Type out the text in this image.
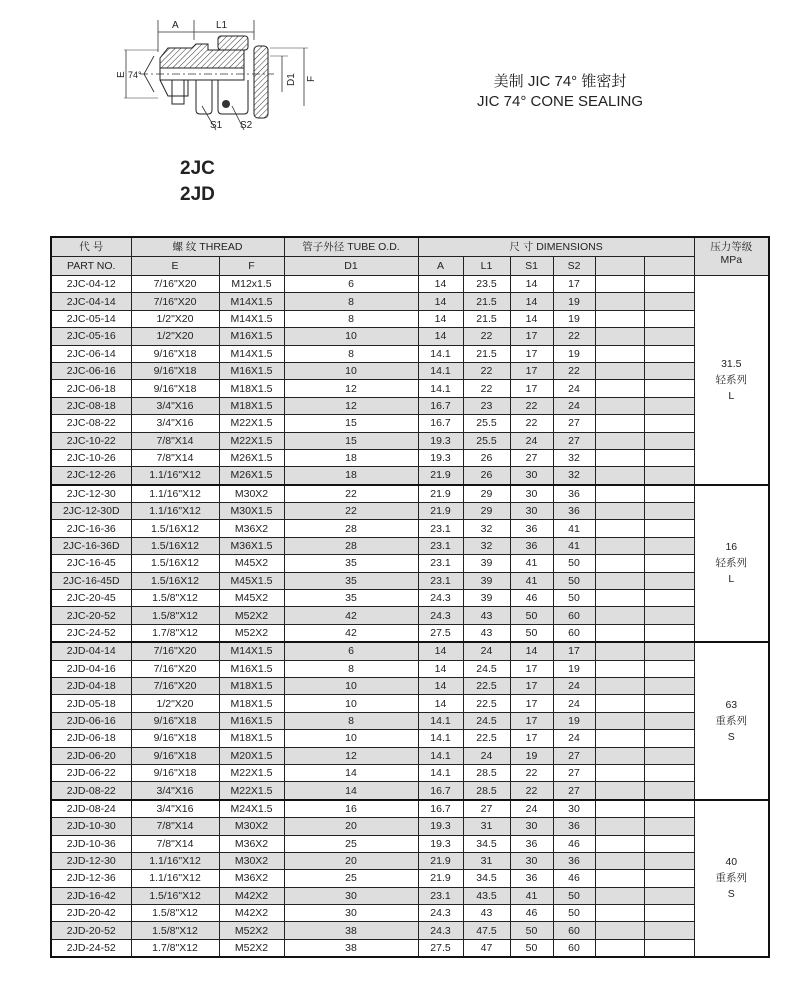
A	L1
E 74°	D1 F
S1 S2
美制 JIC 74° 锥密封
JIC 74° CONE SEALING
2JC
2JD
代 号	螺 纹 THREAD		管子外径 TUBE O.D.	尺 寸 DIMENSIONS						压力等级
MPa

PART NO.	E	F	D1	A	L1	S1	S2			
2JC-04-12	7/16"X20	M12x1.5	6	14	23.5	14	17			31.5
轻系列
L

2JC-04-14	7/16"X20	M14X1.5	8	14	21.5	14	19			
2JC-05-14	1/2"X20	M14X1.5	8	14	21.5	14	19			
2JC-05-16	1/2"X20	M16X1.5	10	14	22	17	22			
2JC-06-14	9/16"X18	M14X1.5	8	14.1	21.5	17	19			
2JC-06-16	9/16"X18	M16X1.5	10	14.1	22	17	22			
2JC-06-18	9/16"X18	M18X1.5	12	14.1	22	17	24			
2JC-08-18	3/4"X16	M18X1.5	12	16.7	23	22	24			
2JC-08-22	3/4"X16	M22X1.5	15	16.7	25.5	22	27			
2JC-10-22	7/8"X14	M22X1.5	15	19.3	25.5	24	27			
2JC-10-26	7/8"X14	M26X1.5	18	19.3	26	27	32			
2JC-12-26	1.1/16"X12	M26X1.5	18	21.9	26	30	32			
2JC-12-30	1.1/16"X12	M30X2	22	21.9	29	30	36			16
轻系列
L

2JC-12-30D	1.1/16"X12	M30X1.5	22	21.9	29	30	36			
2JC-16-36	1.5/16X12	M36X2	28	23.1	32	36	41			
2JC-16-36D	1.5/16X12	M36X1.5	28	23.1	32	36	41			
2JC-16-45	1.5/16X12	M45X2	35	23.1	39	41	50			
2JC-16-45D	1.5/16X12	M45X1.5	35	23.1	39	41	50			
2JC-20-45	1.5/8"X12	M45X2	35	24.3	39	46	50			
2JC-20-52	1.5/8"X12	M52X2	42	24.3	43	50	60			
2JC-24-52	1.7/8"X12	M52X2	42	27.5	43	50	60			
2JD-04-14	7/16"X20	M14X1.5	6	14	24	14	17			63
重系列
S

2JD-04-16	7/16"X20	M16X1.5	8	14	24.5	17	19			
2JD-04-18	7/16"X20	M18X1.5	10	14	22.5	17	24			
2JD-05-18	1/2"X20	M18X1.5	10	14	22.5	17	24			
2JD-06-16	9/16"X18	M16X1.5	8	14.1	24.5	17	19			
2JD-06-18	9/16"X18	M18X1.5	10	14.1	22.5	17	24			
2JD-06-20	9/16"X18	M20X1.5	12	14.1	24	19	27			
2JD-06-22	9/16"X18	M22X1.5	14	14.1	28.5	22	27			
2JD-08-22	3/4"X16	M22X1.5	14	16.7	28.5	22	27			
2JD-08-24	3/4"X16	M24X1.5	16	16.7	27	24	30			40
重系列
S

2JD-10-30	7/8"X14	M30X2	20	19.3	31	30	36			
2JD-10-36	7/8"X14	M36X2	25	19.3	34.5	36	46			
2JD-12-30	1.1/16"X12	M30X2	20	21.9	31	30	36			
2JD-12-36	1.1/16"X12	M36X2	25	21.9	34.5	36	46			
2JD-16-42	1.5/16"X12	M42X2	30	23.1	43.5	41	50			
2JD-20-42	1.5/8"X12	M42X2	30	24.3	43	46	50			
2JD-20-52	1.5/8"X12	M52X2	38	24.3	47.5	50	60			
2JD-24-52	1.7/8"X12	M52X2	38	27.5	47	50	60			
